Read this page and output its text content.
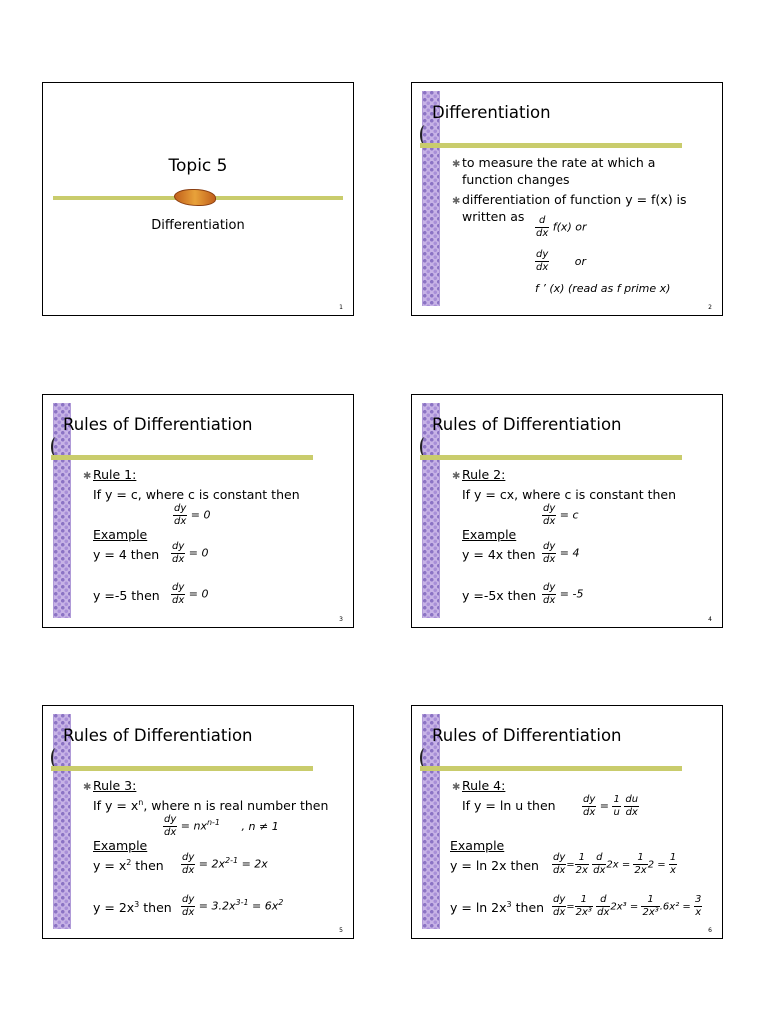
Topic 5
Differentiation
1
Differentiation
✱ to measure the rate at which a
function changes
✱ differentiation of function y = f(x) is
written as $\frac{d}{dx} f(x)$ or
$\frac{dy}{dx}$ or
f ’ (x) (read as f prime x)
2
Rules of Differentiation
✱ Rule 1:
If y = c, where c is constant then
$\frac{dy}{dx} = 0$
Example
y = 4 then $\frac{dy}{dx} = 0$
y =-5 then $\frac{dy}{dx} = 0$
3
Rules of Differentiation
✱ Rule 2:
If y = cx, where c is constant then
$\frac{dy}{dx} = c$
Example
y = 4x then $\frac{dy}{dx} = 4$
y =-5x then $\frac{dy}{dx} = -5$
4
Rules of Differentiation
✱ Rule 3:
If $y = x^n$, where n is real number then
$\frac{dy}{dx} = nx^{n-1}$ , n ≠ 1
Example
$y = x^2$ then $\frac{dy}{dx} = 2x^{2-1} = 2x$
$y = 2x^3$ then $\frac{dy}{dx} = 3.2x^{3-1} = 6x^2$
5
Rules of Differentiation
✱ Rule 4:
If y = ln u then	$\frac{dy}{dx} = \frac{1}{u}$
$\frac{du}{dx}$
Example
y = ln 2x then $\frac{dy}{dx} = \frac{1}{2x}$
$\frac{d}{dx} 2x = \frac{1}{2x} 2 = \frac{1}{x}$
$y = \ln 2x^3$ then $\frac{dy}{dx} = \frac{1}{\text{2x³}}$
$\frac{d}{dx} 2x^3 = \frac{1}{\text{2x³}} .6x^2 = \frac{3}{x}$
6
